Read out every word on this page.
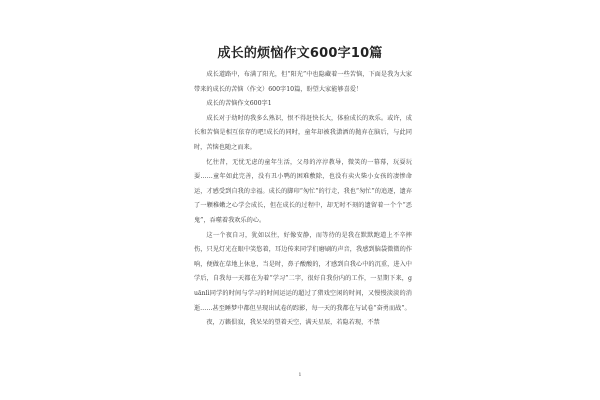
成长的烦恼作文600字10篇

成长道路中，布满了阳光，但“阳光”中也隐藏着一些苦恼，下面是我为大家带来的成长的苦恼（作文）600字10篇，盼望大家能够喜爱！

成长的苦恼作文600字1

成长对于幼时的我多么熟识，恨不得赶快长大，体验成长的欢乐。或许，成长和苦恼是相互依存的吧!成长的同时，童年却被我潇洒的抛弃在脑后，与此同时，苦恼也随之而来。

忆往昔，无忧无虑的童年生活，父母的淳淳教导，微笑的一幕幕，玩耍玩耍……童年如此完善，没有丑小鸭的困难敷除，也没有卖火柴小女孩的凄惨命运，才感受到自我的幸福。成长的脚印“匆忙”的行走，我也“匆忙”的追逐，遗弃了一颗稚嫩之心学会成长，但在成长的过程中，却无时不刻的遗留着一个个“恶鬼”，吞噬着我欢乐的心。

这一个夜自习，犹如以往，好像安静，而等待的是我在默默跑道上不辛摔伤，只见灯光在眼中笑悠着，耳边传来同学们磨刷的声音，我感到脑袋微微的作响，便做在草地上休息，当是时，鼻子酸酸的，才感到自我心中的沉重，进入中学后，自我每一天都在为着“学习”二字，很好自我份内的工作，一星期下来，guānlì同学的时间与学习的时间运运的超过了猎戏空闲的时间，又慢慢淡淡的消逝……甚至睡梦中都但呈现出试卷的踪影，每一天的我都在与试卷“奋勇而战”。

夜，万籁俱寂，我呆呆的望着天空，满天星辰，若隐若现，不禁

1
